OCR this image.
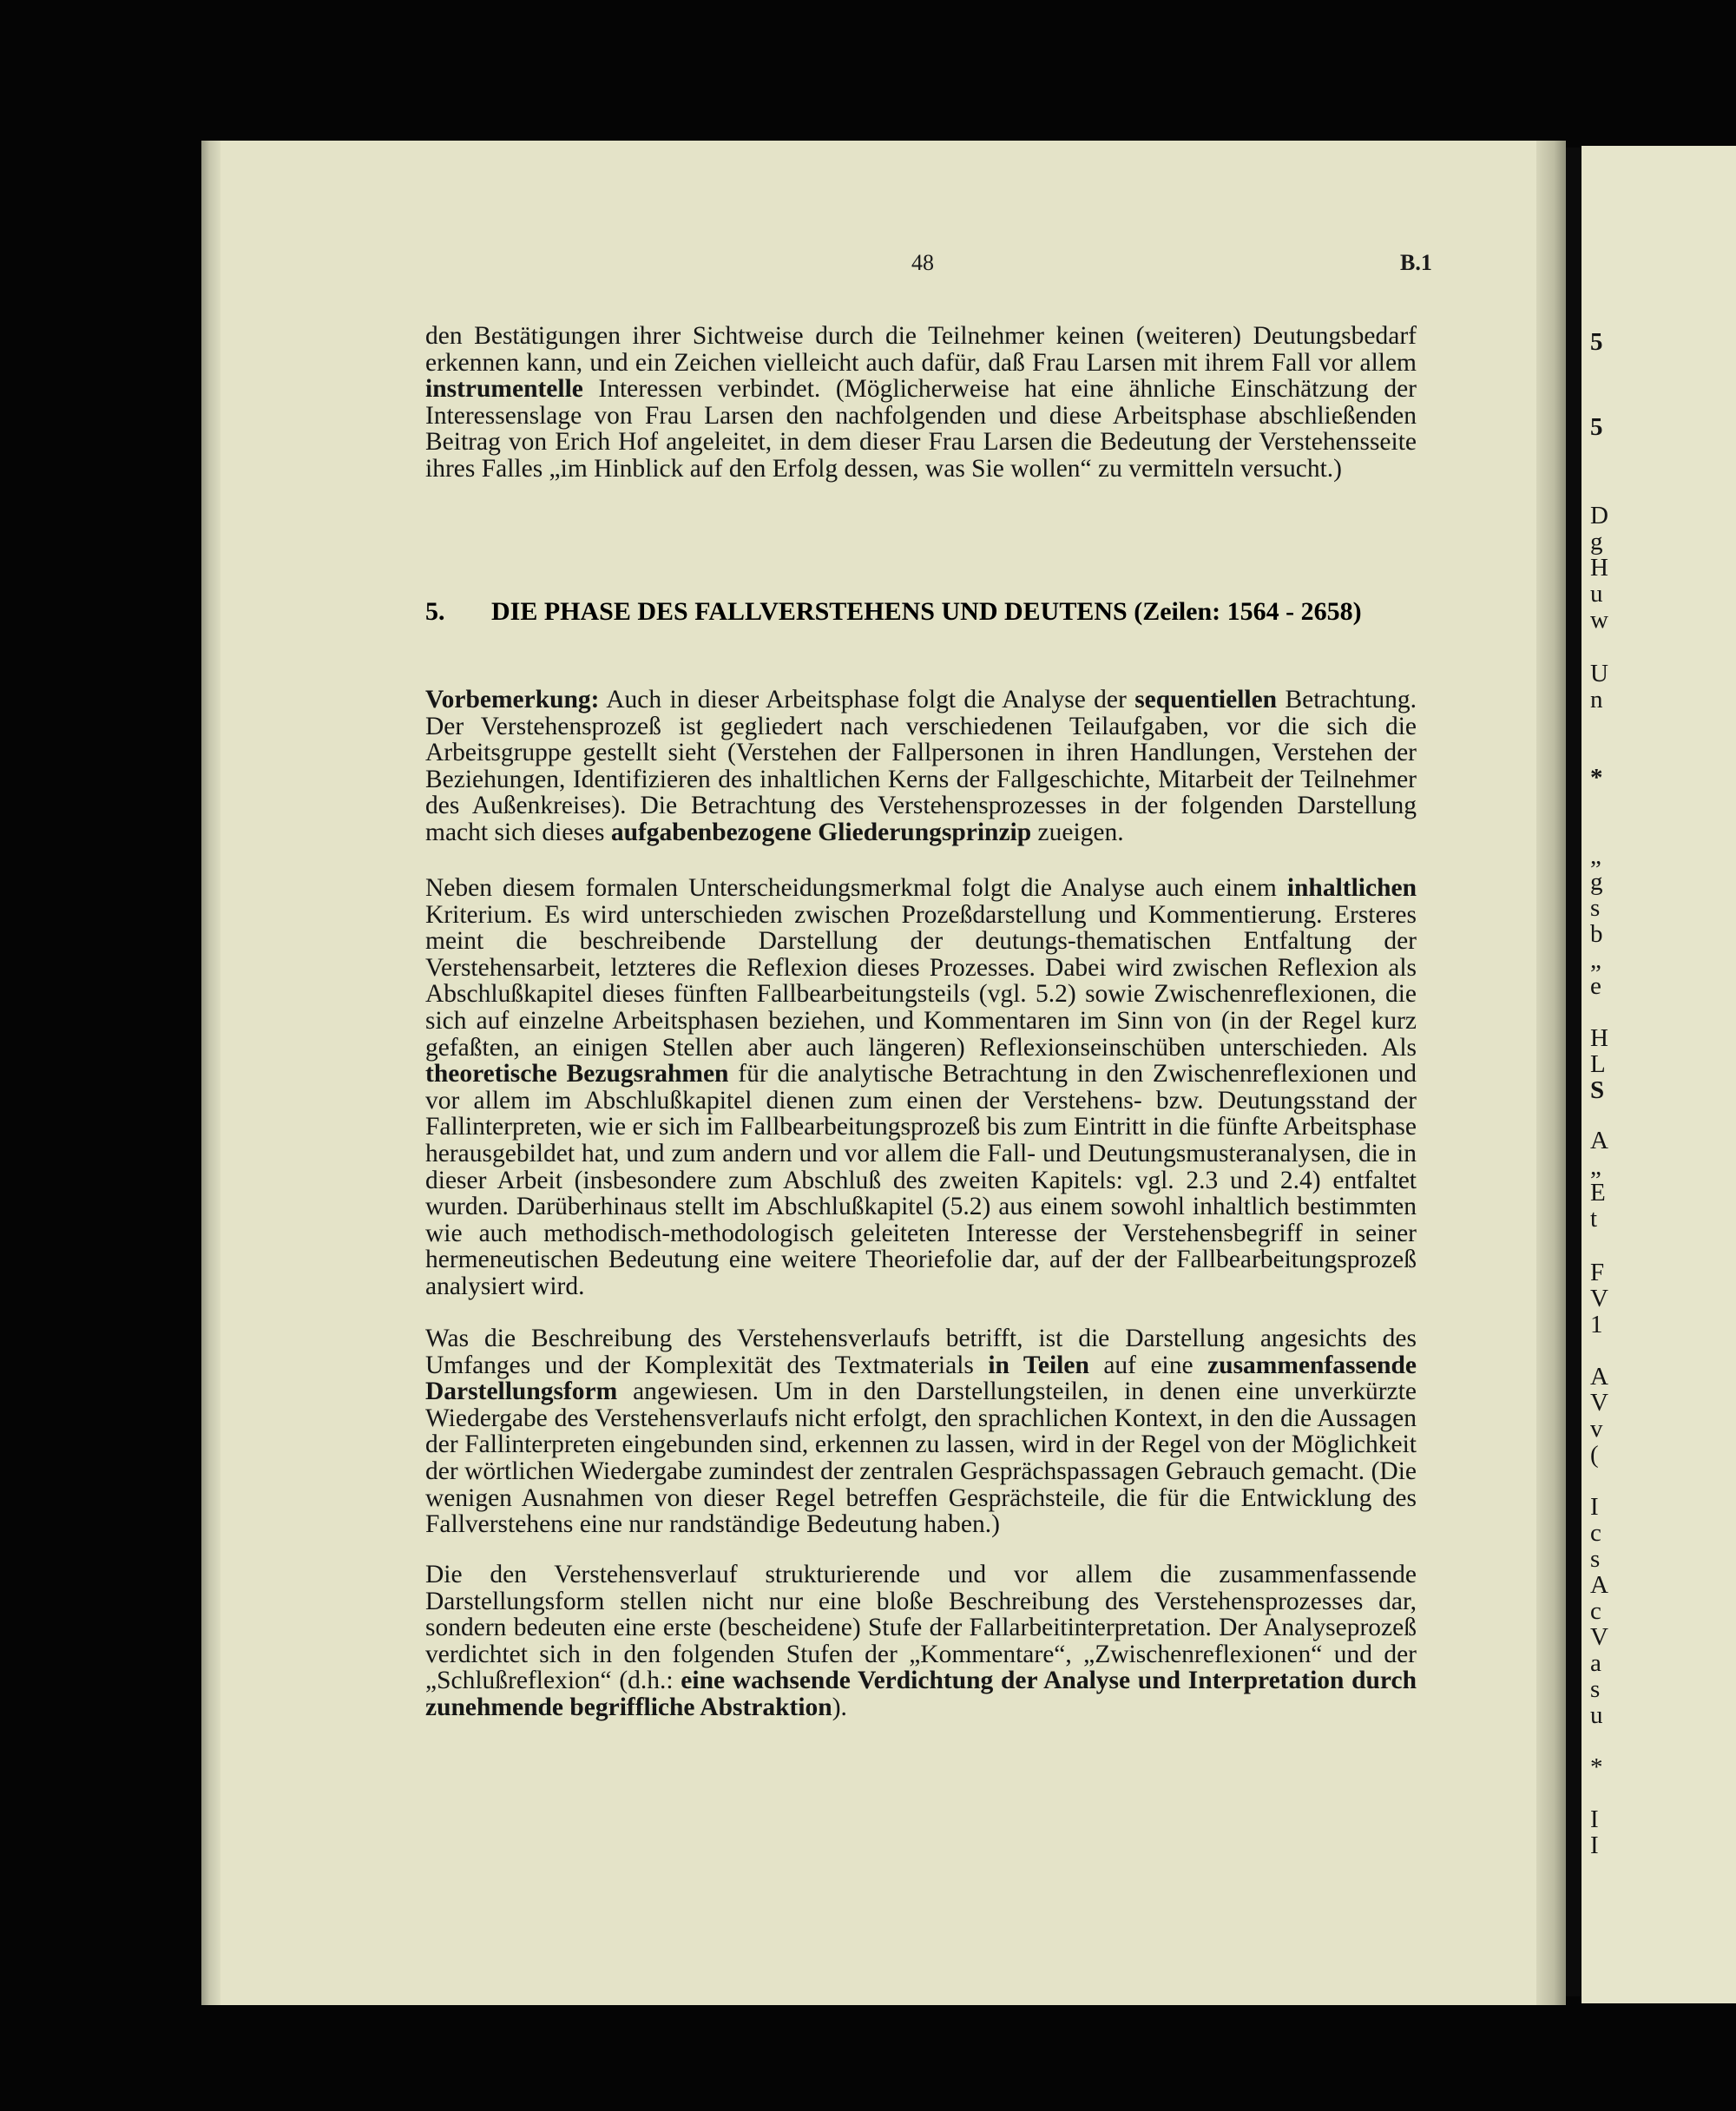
5
5
D
g
H
u
w
U
n
*
„
g
s
b
„
e
H
L
S
A
„
E
t
F
V
1
A
V
v
(
I
c
s
A
c
V
a
s
u
*
I
I
48	B.1

den Bestätigungen ihrer Sichtweise durch die Teilnehmer keinen (weiteren) Deutungsbedarf erkennen kann, und ein Zeichen vielleicht auch dafür, daß Frau Larsen mit ihrem Fall vor allem instrumentelle Interessen verbindet. (Möglicherweise hat eine ähnliche Einschätzung der Interessenslage von Frau Larsen den nachfolgenden und diese Arbeitsphase abschließenden Beitrag von Erich Hof angeleitet, in dem dieser Frau Larsen die Bedeutung der Verstehensseite ihres Falles „im Hinblick auf den Erfolg dessen, was Sie wollen“ zu vermitteln versucht.)

5. DIE PHASE DES FALLVERSTEHENS UND DEUTENS (Zeilen: 1564 - 2658)

Vorbemerkung: Auch in dieser Arbeitsphase folgt die Analyse der sequentiellen Betrachtung. Der Verstehensprozeß ist gegliedert nach verschiedenen Teilaufgaben, vor die sich die Arbeitsgruppe gestellt sieht (Verstehen der Fallpersonen in ihren Handlungen, Verstehen der Beziehungen, Identifizieren des inhaltlichen Kerns der Fallgeschichte, Mitarbeit der Teilnehmer des Außenkreises). Die Betrachtung des Verstehensprozesses in der folgenden Darstellung macht sich dieses aufgabenbezogene Gliederungsprinzip zueigen.

Neben diesem formalen Unterscheidungsmerkmal folgt die Analyse auch einem inhaltlichen Kriterium. Es wird unterschieden zwischen Prozeßdarstellung und Kommentierung. Ersteres meint die beschreibende Darstellung der deutungs-thematischen Entfaltung der Verstehensarbeit, letzteres die Reflexion dieses Prozesses. Dabei wird zwischen Reflexion als Abschlußkapitel dieses fünften Fallbearbeitungsteils (vgl. 5.2) sowie Zwischenreflexionen, die sich auf einzelne Arbeitsphasen beziehen, und Kommentaren im Sinn von (in der Regel kurz gefaßten, an einigen Stellen aber auch längeren) Reflexionseinschüben unterschieden. Als theoretische Bezugsrahmen für die analytische Betrachtung in den Zwischenreflexionen und vor allem im Abschlußkapitel dienen zum einen der Verstehens- bzw. Deutungsstand der Fallinterpreten, wie er sich im Fallbearbeitungsprozeß bis zum Eintritt in die fünfte Arbeitsphase herausgebildet hat, und zum andern und vor allem die Fall- und Deutungsmusteranalysen, die in dieser Arbeit (insbesondere zum Abschluß des zweiten Kapitels: vgl. 2.3 und 2.4) entfaltet wurden. Darüberhinaus stellt im Abschlußkapitel (5.2) aus einem sowohl inhaltlich bestimmten wie auch methodisch-methodologisch geleiteten Interesse der Verstehensbegriff in seiner hermeneutischen Bedeutung eine weitere Theoriefolie dar, auf der der Fallbearbeitungsprozeß analysiert wird.

Was die Beschreibung des Verstehensverlaufs betrifft, ist die Darstellung angesichts des Umfanges und der Komplexität des Textmaterials in Teilen auf eine zusammenfassende Darstellungsform angewiesen. Um in den Darstellungsteilen, in denen eine unverkürzte Wiedergabe des Verstehensverlaufs nicht erfolgt, den sprachlichen Kontext, in den die Aussagen der Fallinterpreten eingebunden sind, erkennen zu lassen, wird in der Regel von der Möglichkeit der wörtlichen Wiedergabe zumindest der zentralen Gesprächspassagen Gebrauch gemacht. (Die wenigen Ausnahmen von dieser Regel betreffen Gesprächsteile, die für die Entwicklung des Fallverstehens eine nur randständige Bedeutung haben.)

Die den Verstehensverlauf strukturierende und vor allem die zusammenfassende Darstellungsform stellen nicht nur eine bloße Beschreibung des Verstehensprozesses dar, sondern bedeuten eine erste (bescheidene) Stufe der Fallarbeitinterpretation. Der Analyseprozeß verdichtet sich in den folgenden Stufen der „Kommentare“, „Zwischenreflexionen“ und der „Schlußreflexion“ (d.h.: eine wachsende Verdichtung der Analyse und Interpretation durch zunehmende begriffliche Abstraktion).
